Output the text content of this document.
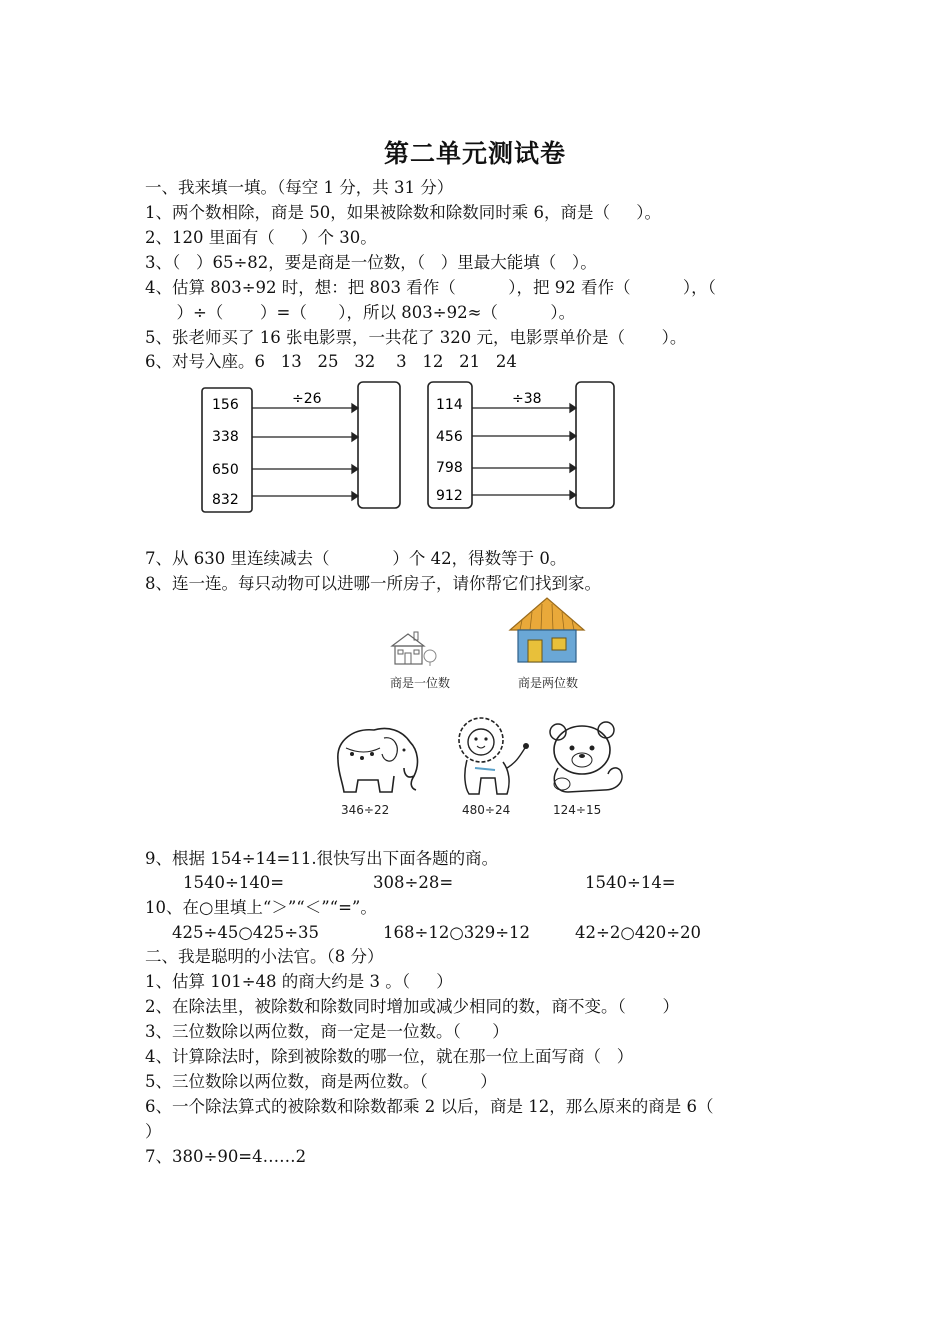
第二单元测试卷
一、我来填一填。（每空 1 分，共 31 分）
1、两个数相除，商是 50，如果被除数和除数同时乘 6，商是（     ）。
2、120 里面有（     ）个 30。
3、（   ）65÷82，要是商是一位数，（   ）里最大能填（   ）。
4、估算 803÷92 时，想：把 803 看作（          ），把 92 看作（          ），（
）÷（       ）=（      ），所以 803÷92≈（          ）。
5、张老师买了 16 张电影票，一共花了 320 元，电影票单价是（       ）。
6、对号入座。6   13   25   32    3   12   21   24
÷26
156
338
650
832
÷38
114
456
798
912
7、从 630 里连续减去（            ）个 42，得数等于 0。
8、连一连。每只动物可以进哪一所房子，请你帮它们找到家。
商是一位数	商是两位数
346÷22	480÷24	124÷15
9、根据 154÷14=11.很快写出下面各题的商。
1540÷140=	308÷28=	1540÷14=
10、在○里填上“＞”“＜”“=”。
425÷45○425÷35	168÷12○329÷12	42÷2○420÷20
二、我是聪明的小法官。（8 分）
1、估算 101÷48 的商大约是 3 。（     ）
2、在除法里，被除数和除数同时增加或减少相同的数，商不变。（       ）
3、三位数除以两位数，商一定是一位数。（      ）
4、计算除法时，除到被除数的哪一位，就在那一位上面写商（   ）
5、三位数除以两位数，商是两位数。（          ）
6、一个除法算式的被除数和除数都乘 2 以后，商是 12，那么原来的商是 6（
）
7、380÷90=4……2
